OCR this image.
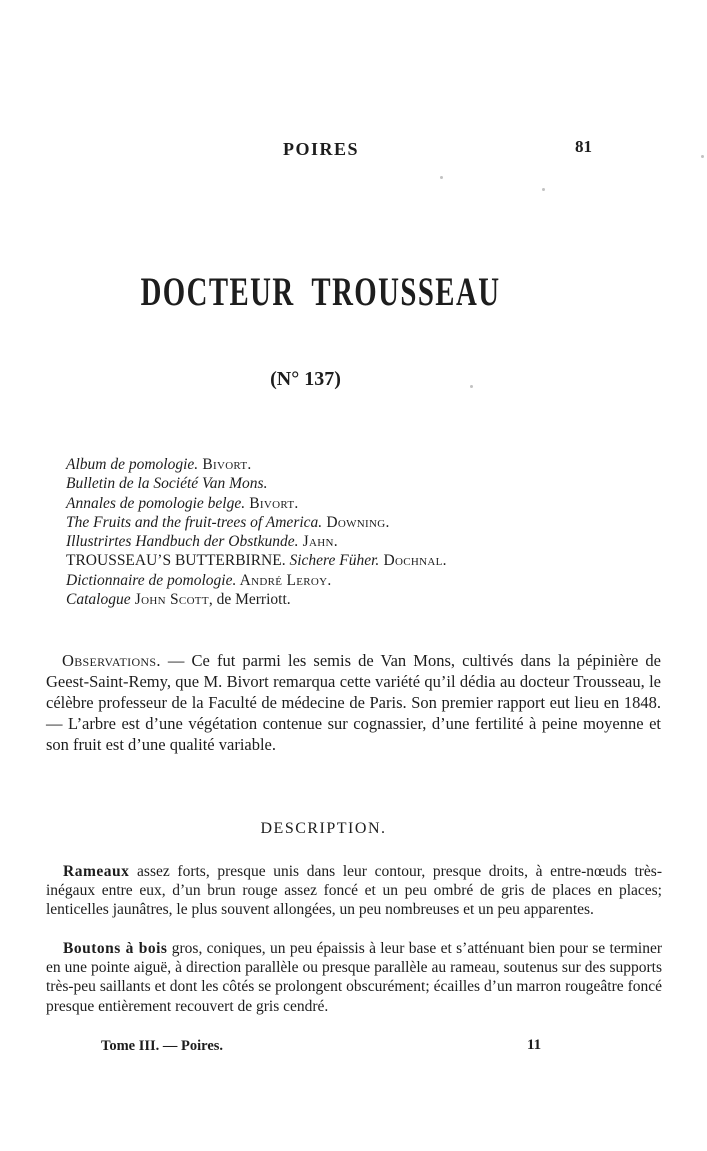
POIRES	81
DOCTEUR TROUSSEAU
(N° 137)
Album de pomologie. Bivort.
Bulletin de la Société Van Mons.
Annales de pomologie belge. Bivort.
The Fruits and the fruit-trees of America. Downing.
Illustrirtes Handbuch der Obstkunde. Jahn.
TROUSSEAU’S BUTTERBIRNE. Sichere Füher. Dochnal.
Dictionnaire de pomologie. André Leroy.
Catalogue John Scott, de Merriott.

Observations. — Ce fut parmi les semis de Van Mons, cultivés dans la pépinière de Geest-Saint-Remy, que M. Bivort remarqua cette variété qu’il dédia au docteur Trousseau, le célèbre professeur de la Faculté de médecine de Paris. Son premier rapport eut lieu en 1848. — L’arbre est d’une végétation contenue sur cognassier, d’une fertilité à peine moyenne et son fruit est d’une qualité variable.

DESCRIPTION.

Rameaux assez forts, presque unis dans leur contour, presque droits, à entre-nœuds très-inégaux entre eux, d’un brun rouge assez foncé et un peu ombré de gris de places en places; lenticelles jaunâtres, le plus souvent allongées, un peu nombreuses et un peu apparentes.

Boutons à bois gros, coniques, un peu épaissis à leur base et s’atténuant bien pour se terminer en une pointe aiguë, à direction parallèle ou presque parallèle au rameau, soutenus sur des supports très-peu saillants et dont les côtés se prolongent obscurément; écailles d’un marron rougeâtre foncé presque entièrement recouvert de gris cendré.

Tome III. — Poires.	11
